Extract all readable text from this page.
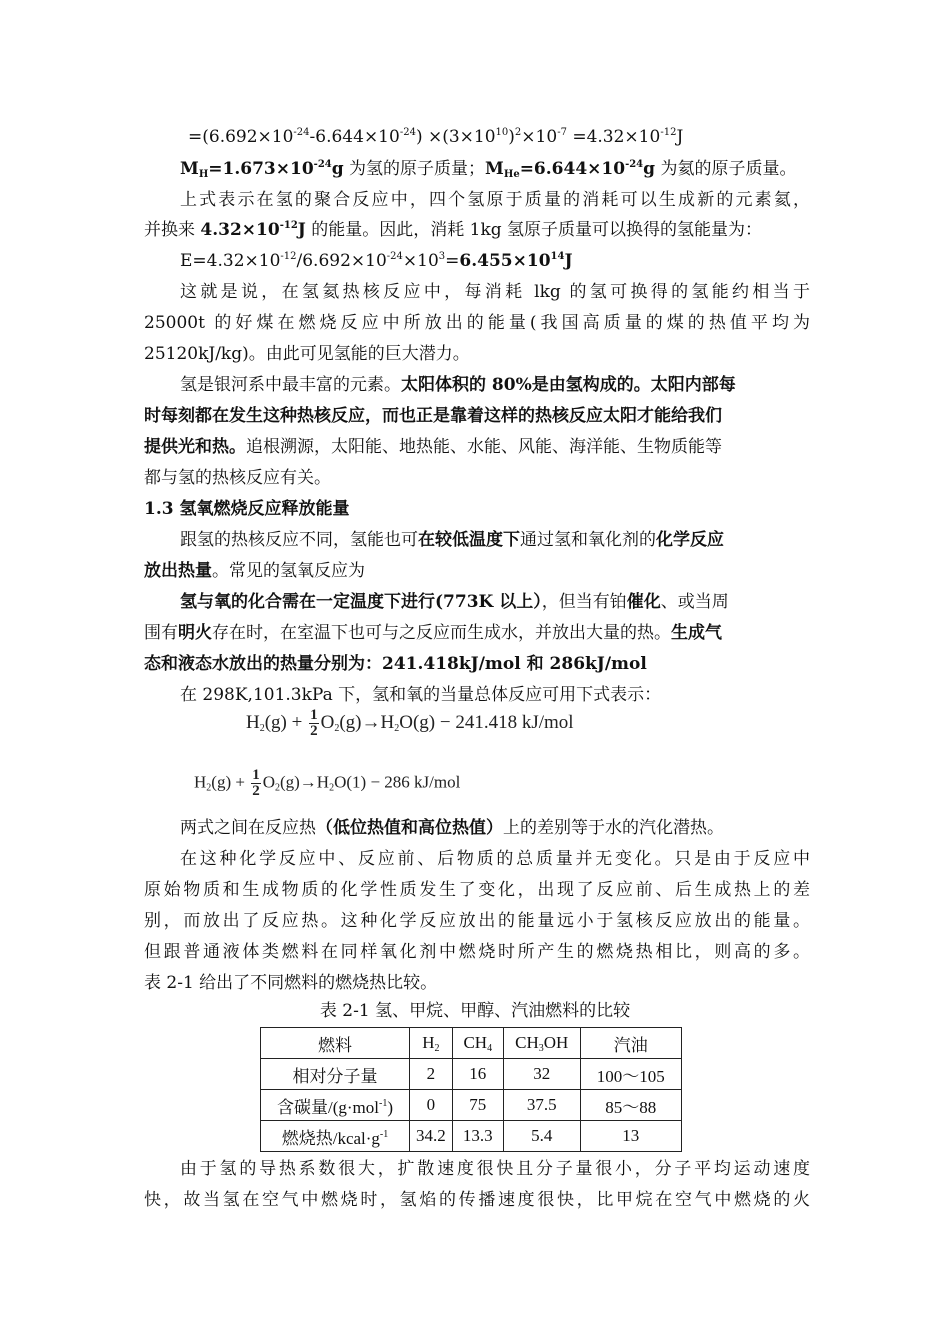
$=(6.692\times 10^{-24}-6.644\times 10^{-24}) \times(3\times 10^{10})^2\times 10^{-7} =4.32\times 10^{-12}J$
$M_H=1.673\times 10^{-24}g$ 为氢的原子质量；$M_{He}=6.644\times 10^{-24}g$ 为氦的原子质量。
上式表示在氢的聚合反应中，四个氢原于质量的消耗可以生成新的元素氦，
并换来 $4.32\times 10^{-12}J$ 的能量。因此，消耗 1kg 氢原子质量可以换得的氢能量为：
$E=4.32\times 10^{-12}/6.692\times 10^{-24}\times 10^3=6.455\times 10^{14}J$
这就是说，在氢氦热核反应中，每消耗 lkg 的氢可换得的氢能约相当于
25000t 的好煤在燃烧反应中所放出的能量(我国高质量的煤的热值平均为
25120kJ/kg)。由此可见氢能的巨大潜力。
氢是银河系中最丰富的元素。太阳体积的 80%是由氢构成的。太阳内部每
时每刻都在发生这种热核反应，而也正是靠着这样的热核反应太阳才能给我们
提供光和热。追根溯源，太阳能、地热能、水能、风能、海洋能、生物质能等
都与氢的热核反应有关。
1.3 氢氧燃烧反应释放能量
跟氢的热核反应不同，氢能也可在较低温度下通过氢和氧化剂的化学反应
放出热量。常见的氢氧反应为
氢与氧的化合需在一定温度下进行(773K 以上），但当有铂催化、或当周
围有明火存在时，在室温下也可与之反应而生成水，并放出大量的热。生成气
态和液态水放出的热量分别为：241.418kJ/mol 和 286kJ/mol
在 298K,101.3kPa 下，氢和氧的当量总体反应可用下式表示：
$H_2(g) + \frac{1}{2} O_2(g)\to H_2O(g) - 241.418$ kJ/mol
$H_2(g) + \frac{1}{2} O_2(g)\to H_2O(1) - 286$ kJ/mol
两式之间在反应热（低位热值和高位热值）上的差别等于水的汽化潜热。
在这种化学反应中、反应前、后物质的总质量并无变化。只是由于反应中
原始物质和生成物质的化学性质发生了变化，出现了反应前、后生成热上的差
别，而放出了反应热。这种化学反应放出的能量远小于氢核反应放出的能量。
但跟普通液体类燃料在同样氧化剂中燃烧时所产生的燃烧热相比，则高的多。
表 2-1 给出了不同燃料的燃烧热比较。
表 2-1 氢、甲烷、甲醇、汽油燃料的比较
燃料	$H_2$	$CH_4$	$CH_3OH$	汽油
相对分子量	2	16	32	100～105
含碳量/(g·mol$^{-1}$)	0	75	37.5	85～88
燃烧热$/kcal\cdot g^{-1}$	34.2	13.3	5.4	13
由于氢的导热系数很大，扩散速度很快且分子量很小，分子平均运动速度
快，故当氢在空气中燃烧时，氢焰的传播速度很快，比甲烷在空气中燃烧的火
